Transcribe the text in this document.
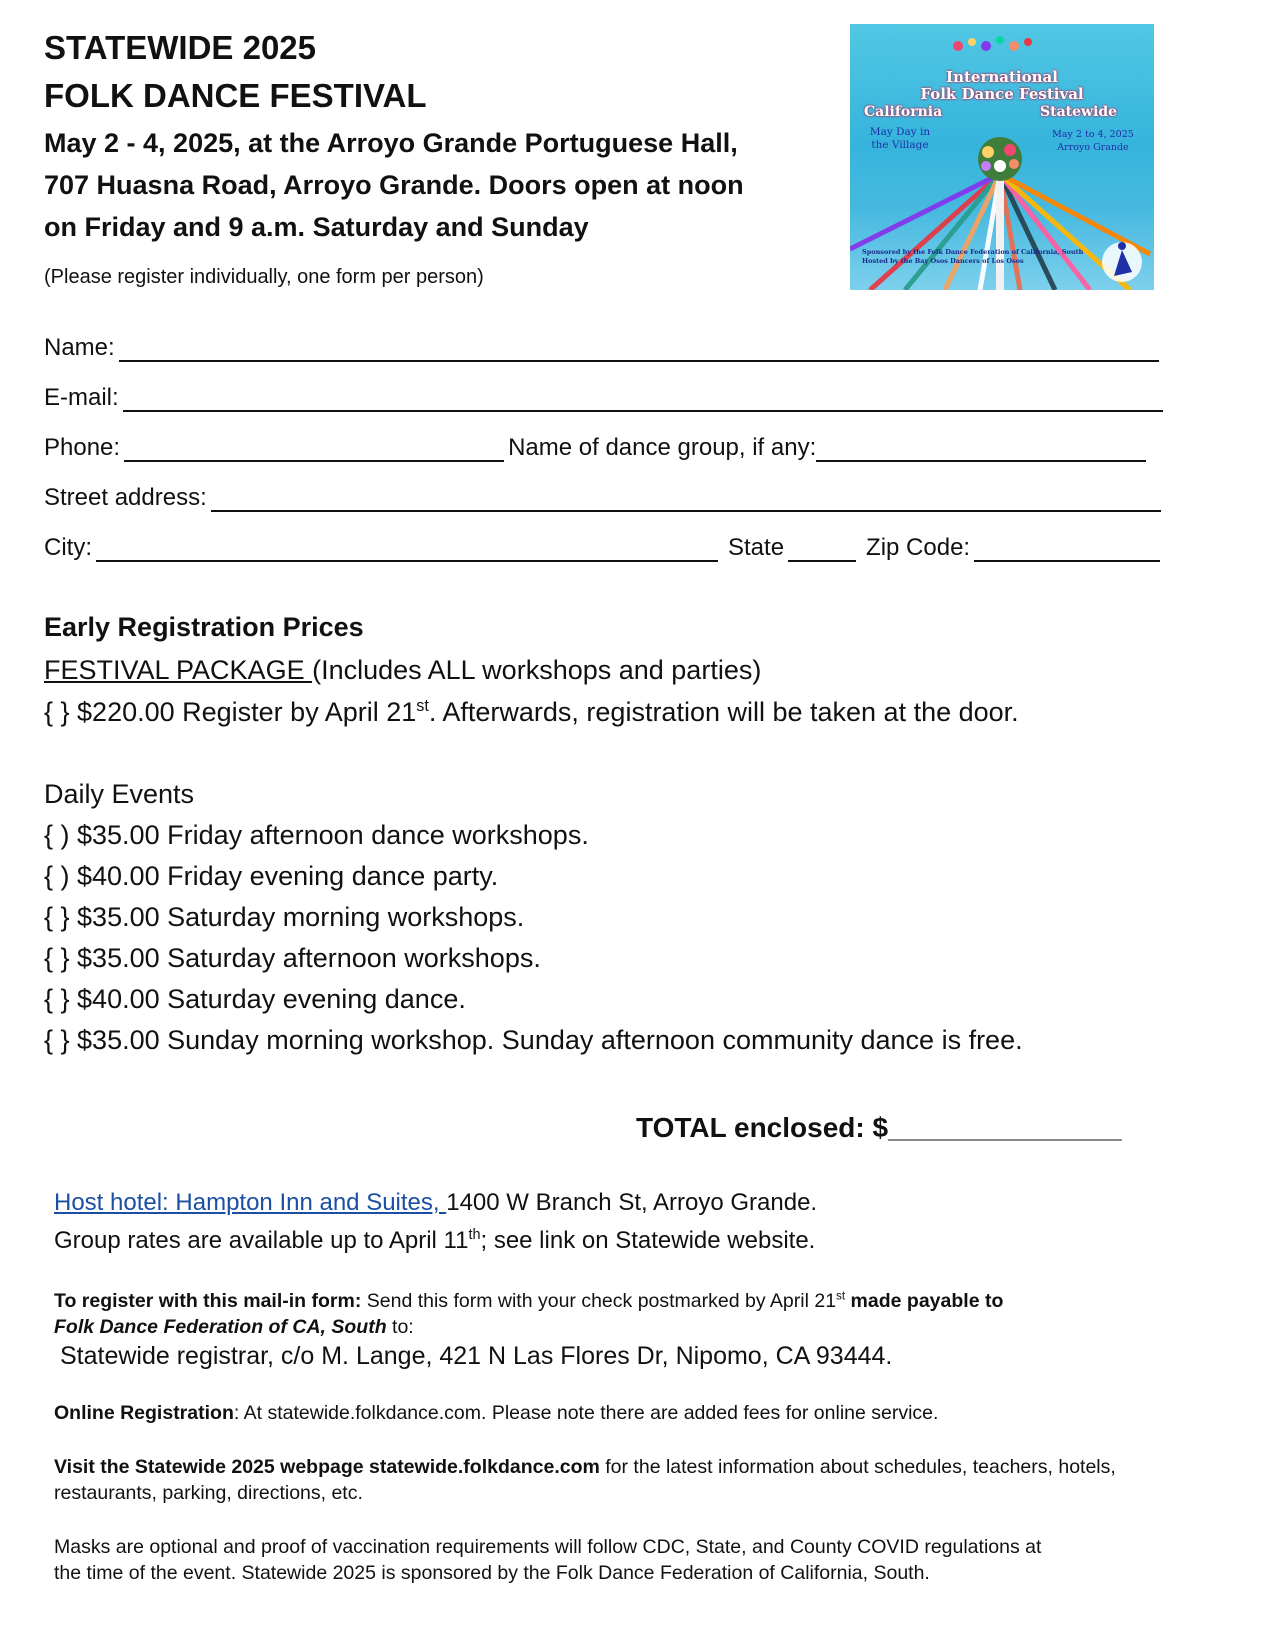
STATEWIDE 2025
FOLK DANCE FESTIVAL
May 2 - 4, 2025, at the Arroyo Grande Portuguese Hall,
707 Huasna Road, Arroyo Grande. Doors open at noon
on Friday and 9 a.m. Saturday and Sunday
(Please register individually, one form per person)
International
Folk Dance Festival
California	Statewide
May Day in
the Village
May 2 to 4, 2025
Arroyo Grande
Sponsored by the Folk Dance Federation of California, South
Hosted by the Bay Osos Dancers of Los Osos
Name:
E-mail:
Phone:	Name of dance group, if any:
Street address:
City:	State	Zip Code:
Early Registration Prices
FESTIVAL PACKAGE (Includes ALL workshops and parties)
{ } $220.00 Register by April 21st. Afterwards, registration will be taken at the door.
Daily Events
{ ) $35.00 Friday afternoon dance workshops.
{ ) $40.00 Friday evening dance party.
{ } $35.00 Saturday morning workshops.
{ } $35.00 Saturday afternoon workshops.
{ } $40.00 Saturday evening dance.
{ } $35.00 Sunday morning workshop. Sunday afternoon community dance is free.
TOTAL enclosed: $_______________
Host hotel: Hampton Inn and Suites, 1400 W Branch St, Arroyo Grande.
Group rates are available up to April 11th; see link on Statewide website.
To register with this mail-in form: Send this form with your check postmarked by April 21st made payable to
Folk Dance Federation of CA, South to:
Statewide registrar, c/o M. Lange, 421 N Las Flores Dr, Nipomo, CA 93444.
Online Registration: At statewide.folkdance.com. Please note there are added fees for online service.
Visit the Statewide 2025 webpage statewide.folkdance.com for the latest information about schedules, teachers, hotels,
restaurants, parking, directions, etc.
Masks are optional and proof of vaccination requirements will follow CDC, State, and County COVID regulations at
the time of the event. Statewide 2025 is sponsored by the Folk Dance Federation of California, South.
